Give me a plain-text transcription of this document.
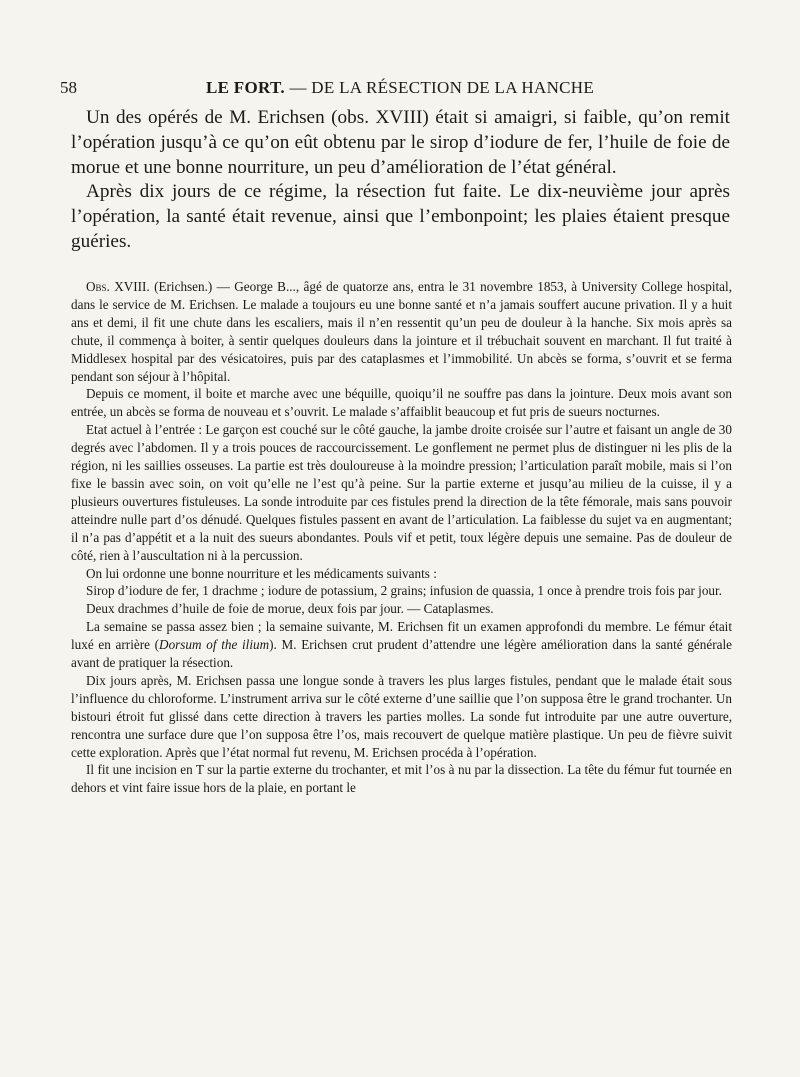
58	LE FORT. — DE LA RÉSECTION DE LA HANCHE

Un des opérés de M. Erichsen (obs. XVIII) était si amaigri, si faible, qu’on remit l’opération jusqu’à ce qu’on eût obtenu par le sirop d’iodure de fer, l’huile de foie de morue et une bonne nourriture, un peu d’amélioration de l’état général.

Après dix jours de ce régime, la résection fut faite. Le dix-neuvième jour après l’opération, la santé était revenue, ainsi que l’embonpoint; les plaies étaient presque guéries.

Obs. XVIII. (Erichsen.) — George B..., âgé de quatorze ans, entra le 31 novembre 1853, à University College hospital, dans le service de M. Erichsen. Le malade a toujours eu une bonne santé et n’a jamais souffert aucune privation. Il y a huit ans et demi, il fit une chute dans les escaliers, mais il n’en ressentit qu’un peu de douleur à la hanche. Six mois après sa chute, il commença à boiter, à sentir quelques douleurs dans la jointure et il trébuchait souvent en marchant. Il fut traité à Middlesex hospital par des vésicatoires, puis par des cataplasmes et l’immobilité. Un abcès se forma, s’ouvrit et se ferma pendant son séjour à l’hôpital.

Depuis ce moment, il boite et marche avec une béquille, quoiqu’il ne souffre pas dans la jointure. Deux mois avant son entrée, un abcès se forma de nouveau et s’ouvrit. Le malade s’affaiblit beaucoup et fut pris de sueurs nocturnes.

Etat actuel à l’entrée : Le garçon est couché sur le côté gauche, la jambe droite croisée sur l’autre et faisant un angle de 30 degrés avec l’abdomen. Il y a trois pouces de raccourcissement. Le gonflement ne permet plus de distinguer ni les plis de la région, ni les saillies osseuses. La partie est très douloureuse à la moindre pression; l’articulation paraît mobile, mais si l’on fixe le bassin avec soin, on voit qu’elle ne l’est qu’à peine. Sur la partie externe et jusqu’au milieu de la cuisse, il y a plusieurs ouvertures fistuleuses. La sonde introduite par ces fistules prend la direction de la tête fémorale, mais sans pouvoir atteindre nulle part d’os dénudé. Quelques fistules passent en avant de l’articulation. La faiblesse du sujet va en augmentant; il n’a pas d’appétit et a la nuit des sueurs abondantes. Pouls vif et petit, toux légère depuis une semaine. Pas de douleur de côté, rien à l’auscultation ni à la percussion.

On lui ordonne une bonne nourriture et les médicaments suivants :

Sirop d’iodure de fer, 1 drachme ; iodure de potassium, 2 grains; infusion de quassia, 1 once à prendre trois fois par jour.

Deux drachmes d’huile de foie de morue, deux fois par jour. — Cataplasmes.

La semaine se passa assez bien ; la semaine suivante, M. Erichsen fit un examen approfondi du membre. Le fémur était luxé en arrière (Dorsum of the ilium). M. Erichsen crut prudent d’attendre une légère amélioration dans la santé générale avant de pratiquer la résection.

Dix jours après, M. Erichsen passa une longue sonde à travers les plus larges fistules, pendant que le malade était sous l’influence du chloroforme. L’instrument arriva sur le côté externe d’une saillie que l’on supposa être le grand trochanter. Un bistouri étroit fut glissé dans cette direction à travers les parties molles. La sonde fut introduite par une autre ouverture, rencontra une surface dure que l’on supposa être l’os, mais recouvert de quelque matière plastique. Un peu de fièvre suivit cette exploration. Après que l’état normal fut revenu, M. Erichsen procéda à l’opération.

Il fit une incision en T sur la partie externe du trochanter, et mit l’os à nu par la dissection. La tête du fémur fut tournée en dehors et vint faire issue hors de la plaie, en portant le
